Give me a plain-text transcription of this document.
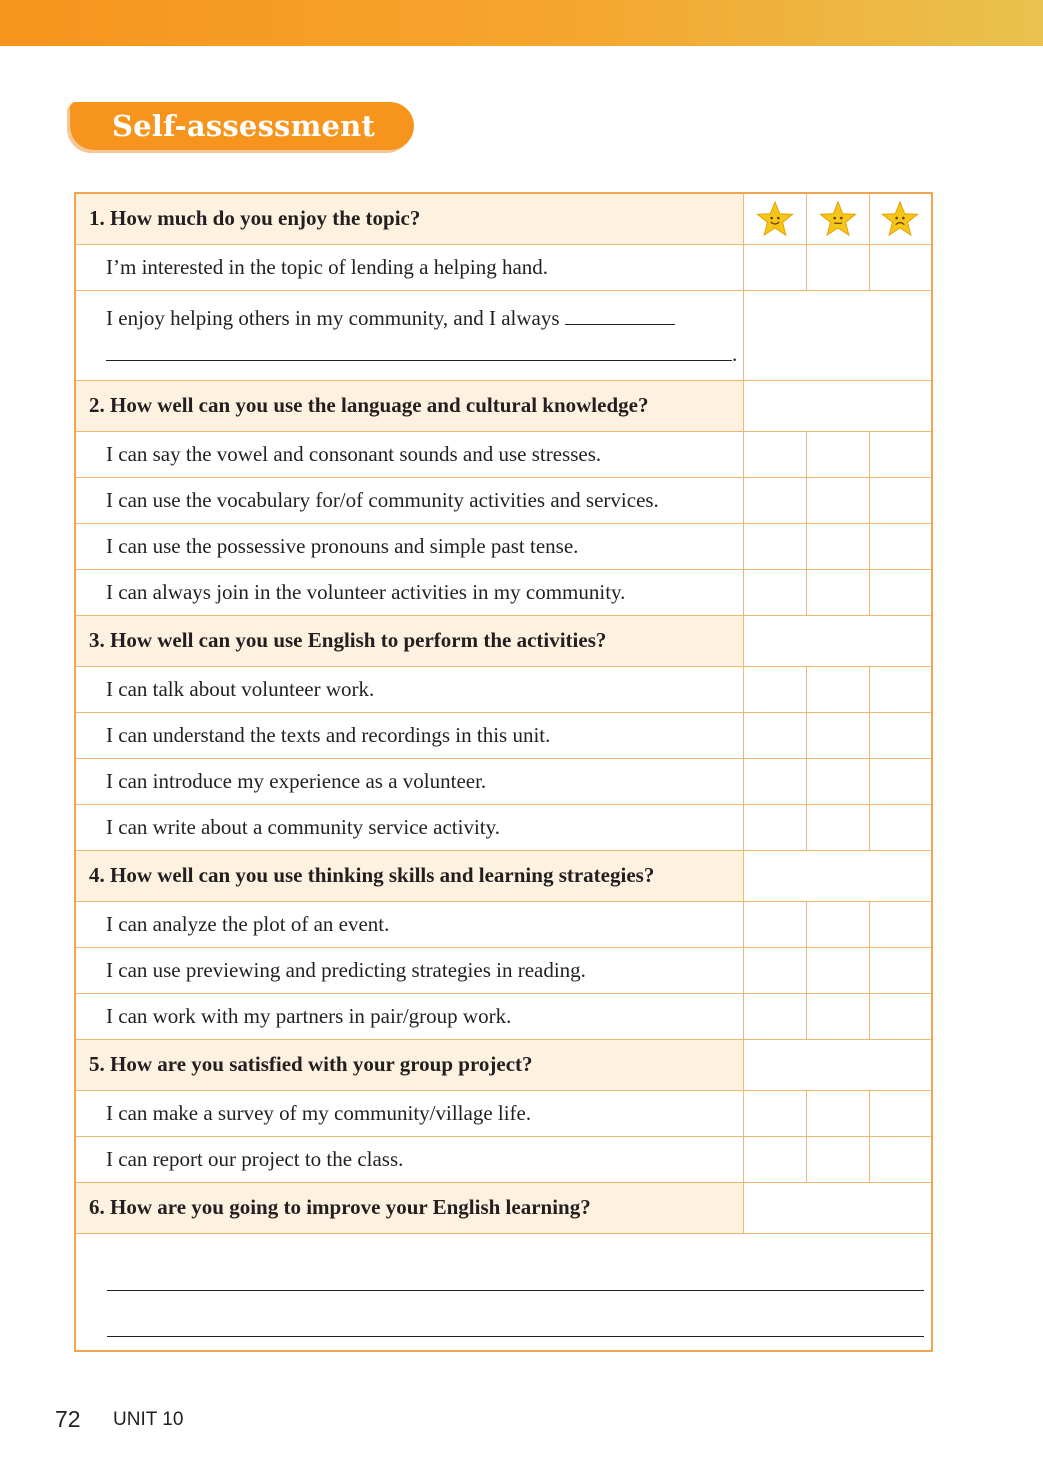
Self-assessment
1. How much do you enjoy the topic?			
I’m interested in the topic of lending a helping hand.			
I enjoy helping others in my community, and I always
.			
2. How well can you use the language and cultural knowledge?			
I can say the vowel and consonant sounds and use stresses.			
I can use the vocabulary for/of community activities and services.			
I can use the possessive pronouns and simple past tense.			
I can always join in the volunteer activities in my community.			
3. How well can you use English to perform the activities?			
I can talk about volunteer work.			
I can understand the texts and recordings in this unit.			
I can introduce my experience as a volunteer.			
I can write about a community service activity.			
4. How well can you use thinking skills and learning strategies?			
I can analyze the plot of an event.			
I can use previewing and predicting strategies in reading.			
I can work with my partners in pair/group work.			
5. How are you satisfied with your group project?			
I can make a survey of my community/village life.			
I can report our project to the class.			
6. How are you going to improve your English learning?			

72 UNIT 10
